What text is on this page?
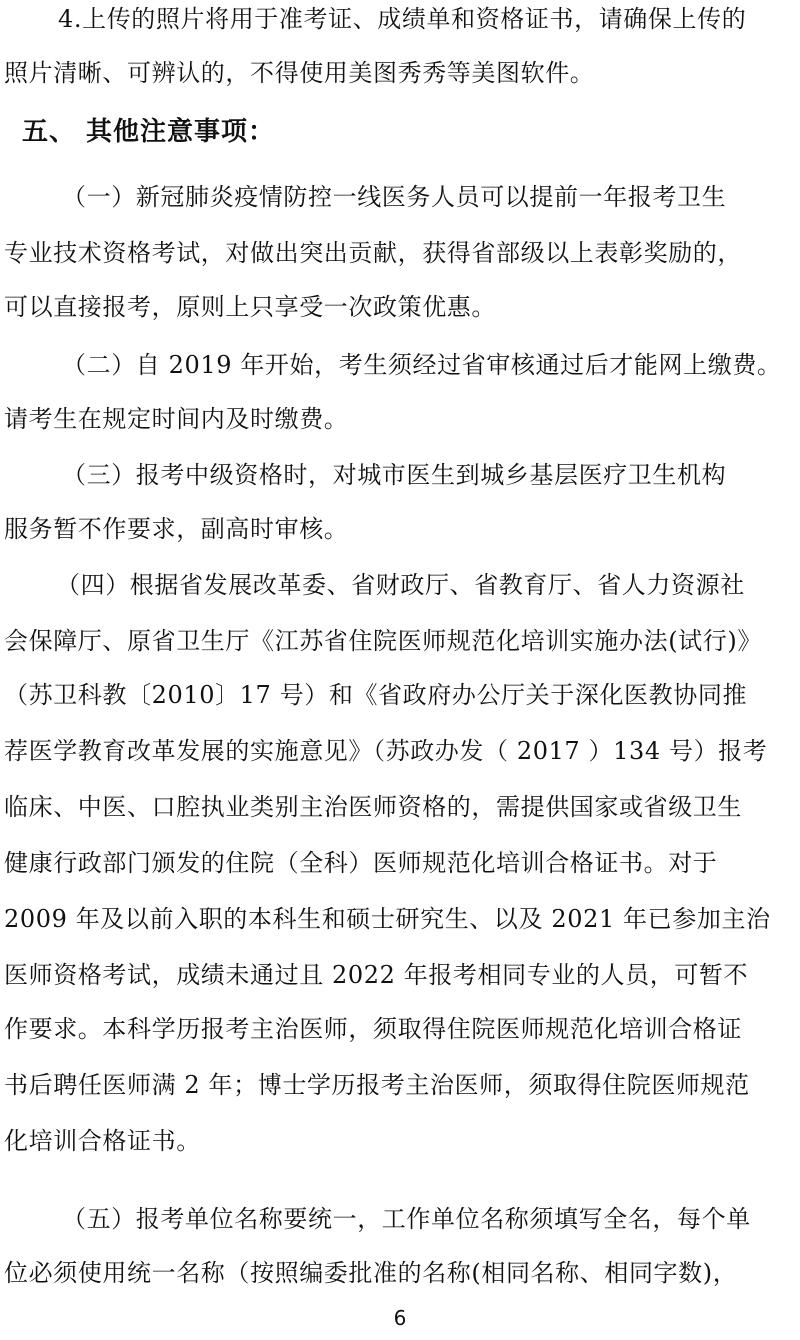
4.上传的照片将用于准考证、成绩单和资格证书，请确保上传的
照片清晰、可辨认的，不得使用美图秀秀等美图软件。
五、 其他注意事项：
（一）新冠肺炎疫情防控一线医务人员可以提前一年报考卫生
专业技术资格考试，对做出突出贡献，获得省部级以上表彰奖励的，
可以直接报考，原则上只享受一次政策优惠。
（二）自 2019 年开始，考生须经过省审核通过后才能网上缴费。
请考生在规定时间内及时缴费。
（三）报考中级资格时，对城市医生到城乡基层医疗卫生机构
服务暂不作要求，副高时审核。
（四）根据省发展改革委、省财政厅、省教育厅、省人力资源社
会保障厅、原省卫生厅《江苏省住院医师规范化培训实施办法(试行)》
（苏卫科教〔2010〕17 号）和《省政府办公厅关于深化医教协同推
荐医学教育改革发展的实施意见》（苏政办发（ 2017 ）134 号）报考
临床、中医、口腔执业类别主治医师资格的，需提供国家或省级卫生
健康行政部门颁发的住院（全科）医师规范化培训合格证书。对于
2009 年及以前入职的本科生和硕士研究生、以及 2021 年已参加主治
医师资格考试，成绩未通过且 2022 年报考相同专业的人员，可暂不
作要求。本科学历报考主治医师，须取得住院医师规范化培训合格证
书后聘任医师满 2 年；博士学历报考主治医师，须取得住院医师规范
化培训合格证书。
（五）报考单位名称要统一，工作单位名称须填写全名，每个单
位必须使用统一名称（按照编委批准的名称(相同名称、相同字数)，
6
